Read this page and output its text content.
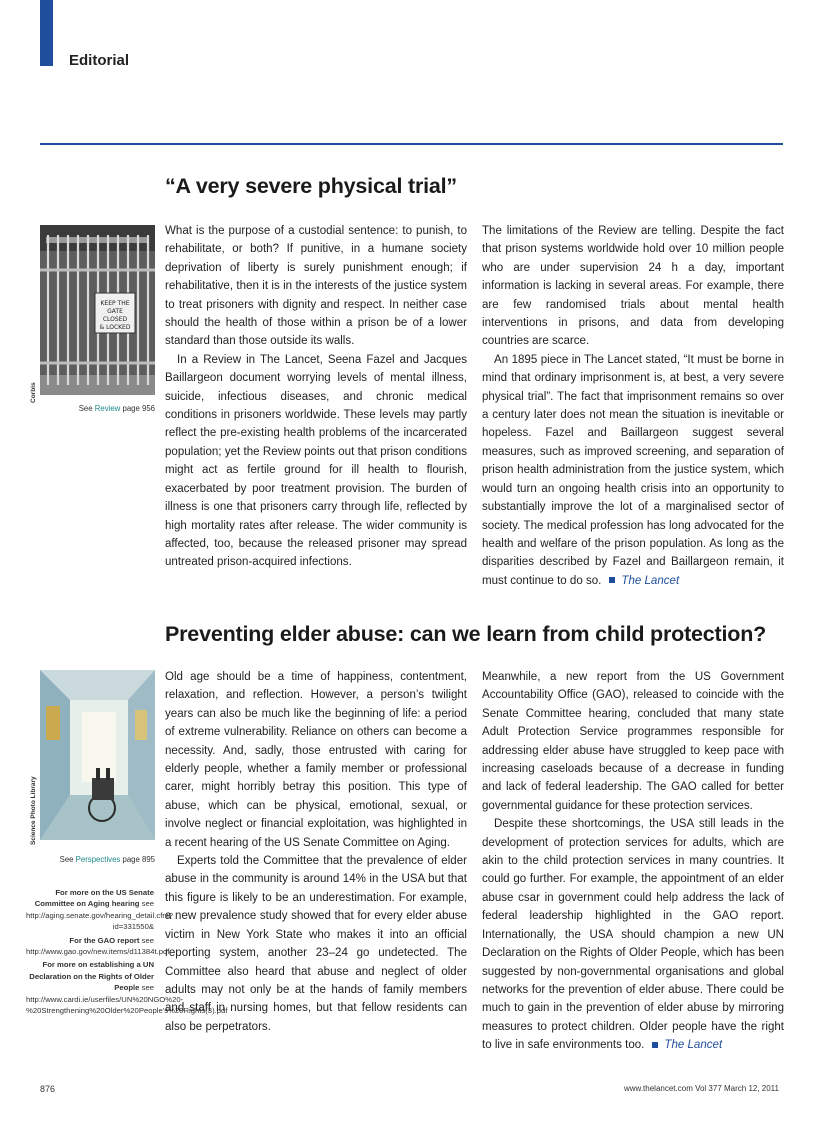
Editorial
“A very severe physical trial”
KEEP THE
GATE
CLOSED
& LOCKED
Corbis
See Review page 956

What is the purpose of a custodial sentence: to punish, to rehabilitate, or both? If punitive, in a humane society deprivation of liberty is surely punishment enough; if rehabilitative, then it is in the interests of the justice system to treat prisoners with dignity and respect. In neither case should the health of those within a prison be of a lower standard than those outside its walls.

In a Review in The Lancet, Seena Fazel and Jacques Baillargeon document worrying levels of mental illness, suicide, infectious diseases, and chronic medical conditions in prisoners worldwide. These levels may partly reflect the pre-existing health problems of the incarcerated population; yet the Review points out that prison conditions might act as fertile ground for ill health to flourish, exacerbated by poor treatment provision. The burden of illness is one that prisoners carry through life, reflected by high mortality rates after release. The wider community is affected, too, because the released prisoner may spread untreated prison-acquired infections.

The limitations of the Review are telling. Despite the fact that prison systems worldwide hold over 10 million people who are under supervision 24 h a day, important information is lacking in several areas. For example, there are few randomised trials about mental health interventions in prisons, and data from developing countries are scarce.

An 1895 piece in The Lancet stated, “It must be borne in mind that ordinary imprisonment is, at best, a very severe physical trial”. The fact that imprisonment remains so over a century later does not mean the situation is inevitable or hopeless. Fazel and Baillargeon suggest several measures, such as improved screening, and separation of prison health administration from the justice system, which would turn an ongoing health crisis into an opportunity to substantially improve the lot of a marginalised sector of society. The medical profession has long advocated for the health and welfare of the prison population. As long as the disparities described by Fazel and Baillargeon remain, it must continue to do so. The Lancet

Preventing elder abuse: can we learn from child protection?
Science Photo Library
See Perspectives page 895

For more on the US Senate Committee on Aging hearing see http://aging.senate.gov/hearing_detail.cfm?id=331550&

For the GAO report see http://www.gao.gov/new.items/d11384t.pdf

For more on establishing a UN Declaration on the Rights of Older People see http://www.cardi.ie/userfiles/UN%20NGO%20-%20Strengthening%20Older%20People's%20Rights(3).pdf

Old age should be a time of happiness, contentment, relaxation, and reflection. However, a person’s twilight years can also be much like the beginning of life: a period of extreme vulnerability. Reliance on others can become a necessity. And, sadly, those entrusted with caring for elderly people, whether a family member or professional carer, might horribly betray this position. This type of abuse, which can be physical, emotional, sexual, or involve neglect or financial exploitation, was highlighted in a recent hearing of the US Senate Committee on Aging.

Experts told the Committee that the prevalence of elder abuse in the community is around 14% in the USA but that this figure is likely to be an underestimation. For example, a new prevalence study showed that for every elder abuse victim in New York State who makes it into an official reporting system, another 23–24 go undetected. The Committee also heard that abuse and neglect of older adults may not only be at the hands of family members and staff in nursing homes, but that fellow residents can also be perpetrators.

Meanwhile, a new report from the US Government Accountability Office (GAO), released to coincide with the Senate Committee hearing, concluded that many state Adult Protection Service programmes responsible for addressing elder abuse have struggled to keep pace with increasing caseloads because of a decrease in funding and lack of federal leadership. The GAO called for better governmental guidance for these protection services.

Despite these shortcomings, the USA still leads in the development of protection services for adults, which are akin to the child protection services in many countries. It could go further. For example, the appointment of an elder abuse csar in government could help address the lack of federal leadership highlighted in the GAO report. Internationally, the USA should champion a new UN Declaration on the Rights of Older People, which has been suggested by non-governmental organisations and global networks for the prevention of elder abuse. There could be much to gain in the prevention of elder abuse by mirroring measures to protect children. Older people have the right to live in safe environments too. The Lancet

876	www.thelancet.com Vol 377 March 12, 2011
